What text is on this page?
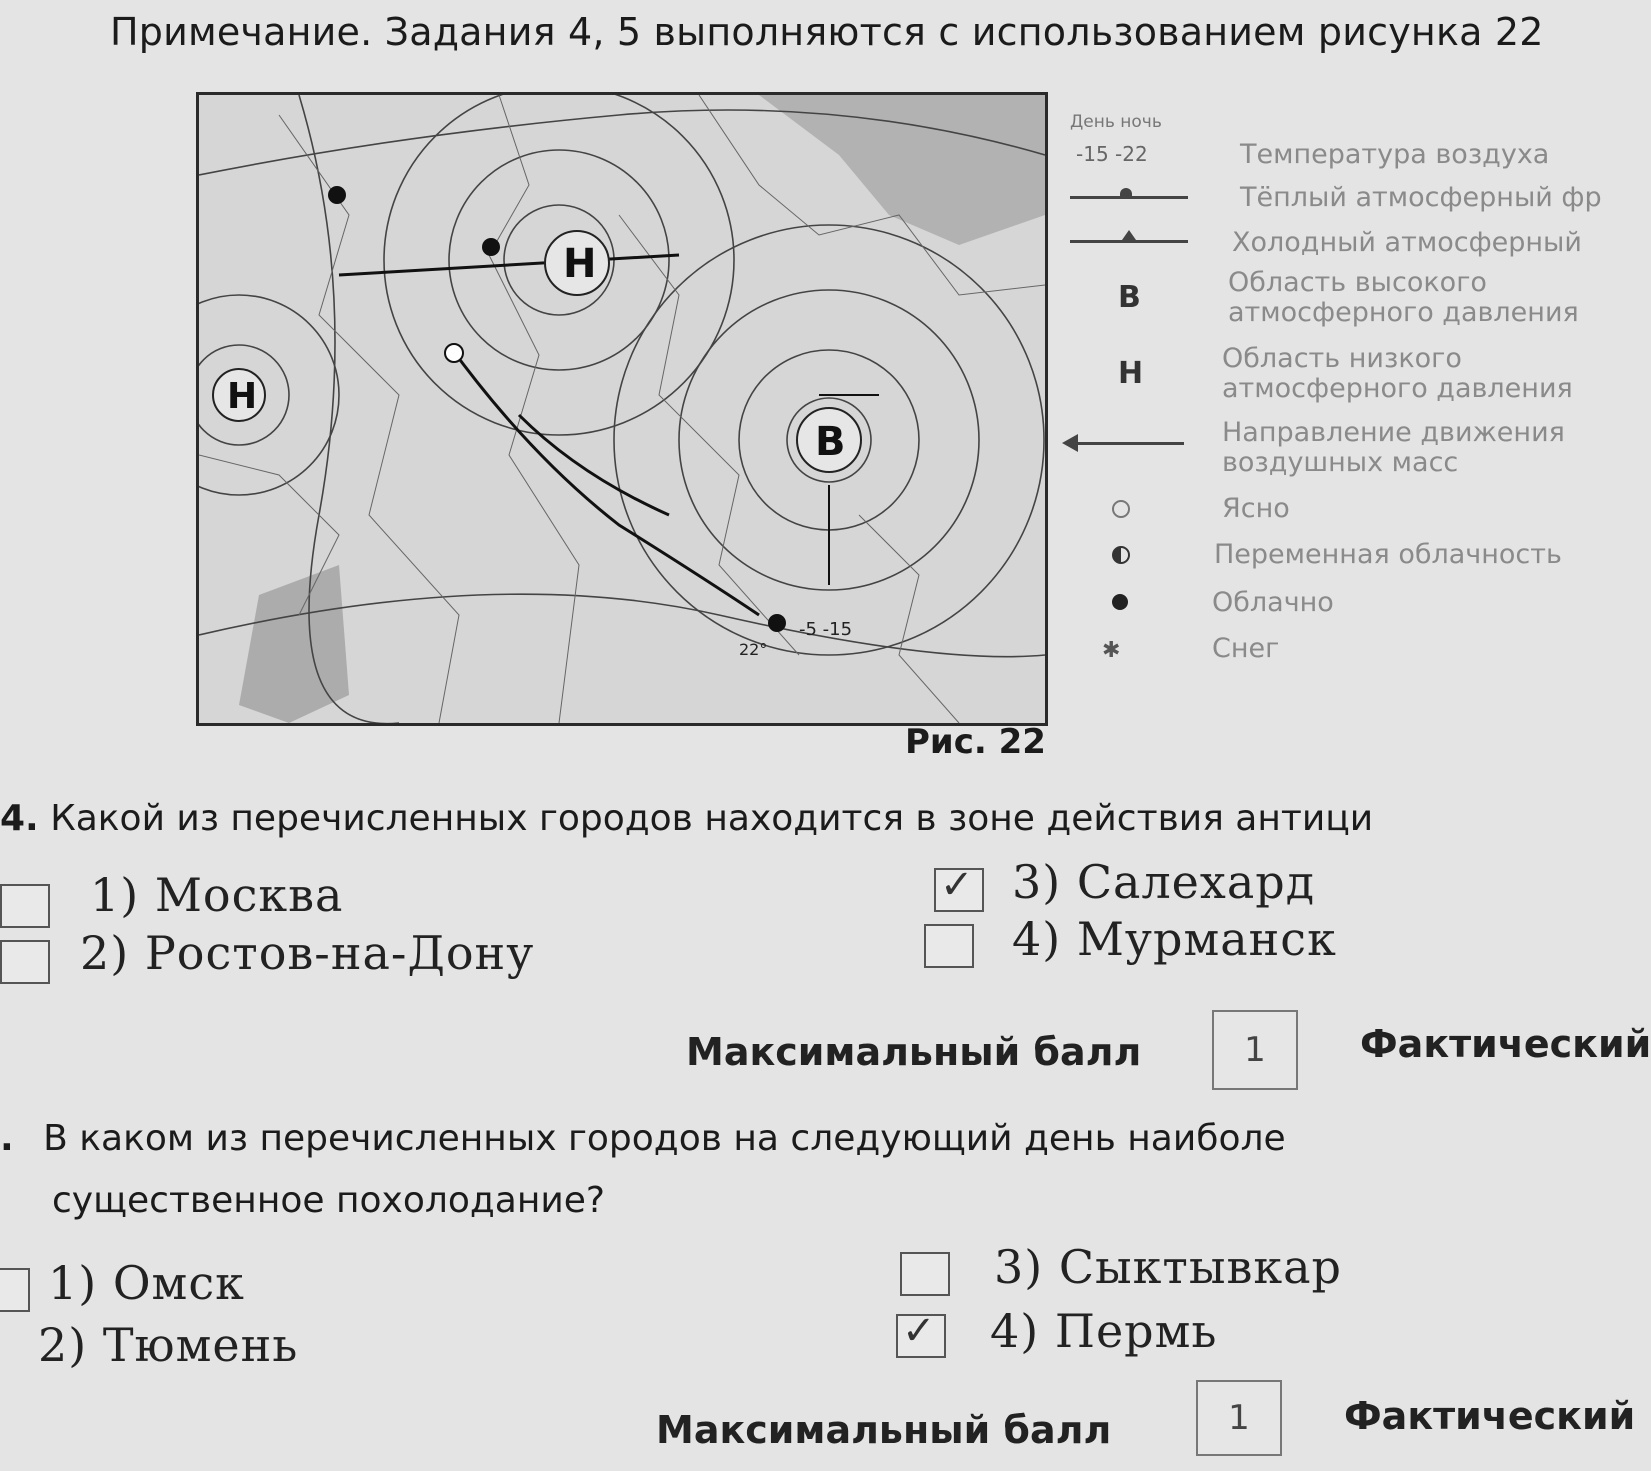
Примечание. Задания 4, 5 выполняются с использованием рисунка 22
Н
Н
В
-5 -15
22°
Рис. 22
День ночь
-15 -22	Температура воздуха
Тёплый атмосферный фр
Холодный атмосферный
В	Область высокого атмосферного давления
Н	Область низкого атмосферного давления
Направление движения воздушных масс
Ясно
Переменная облачность
Облачно
✱	Снег
4. Какой из перечисленных городов находится в зоне действия антици
1) Москва
2) Ростов-на-Дону
✓ 3) Салехард
4) Мурманск
Максимальный балл	1	Фактический
. В каком из перечисленных городов на следующий день наиболе
существенное похолодание?
1) Омск
2) Тюмень
3) Сыктывкар
✓ 4) Пермь
Максимальный балл	1	Фактический
